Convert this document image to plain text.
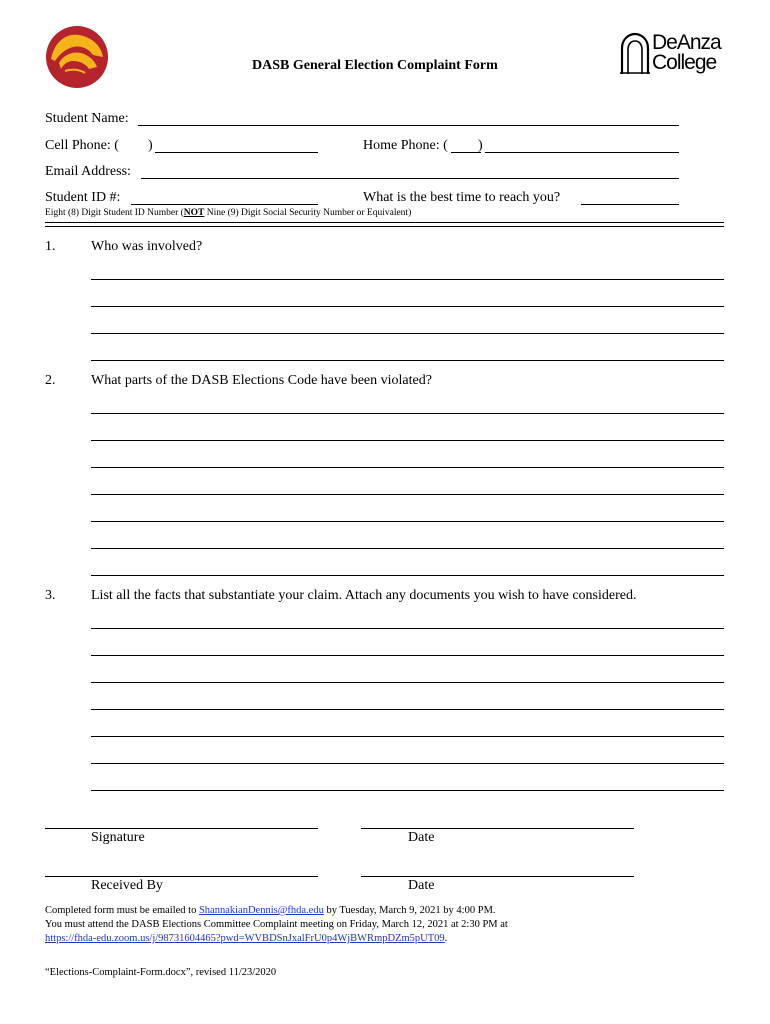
DASB General Election Complaint Form
DeAnza
College
Student Name:
Cell Phone: ( )	Home Phone: ( )
Email Address:
Student ID #:	What is the best time to reach you?
Eight (8) Digit Student ID Number (NOT Nine (9) Digit Social Security Number or Equivalent)
1.	Who was involved?
2.	What parts of the DASB Elections Code have been violated?
3.	List all the facts that substantiate your claim. Attach any documents you wish to have considered.
Signature	Date
Received By	Date
Completed form must be emailed to ShannakianDennis@fhda.edu by Tuesday, March 9, 2021 by 4:00 PM.
You must attend the DASB Elections Committee Complaint meeting on Friday, March 12, 2021 at 2:30 PM at
https://fhda-edu.zoom.us/j/98731604465?pwd=WVBDSnJxalFrU0p4WjBWRmpDZm5pUT09.
“Elections-Complaint-Form.docx”, revised 11/23/2020
